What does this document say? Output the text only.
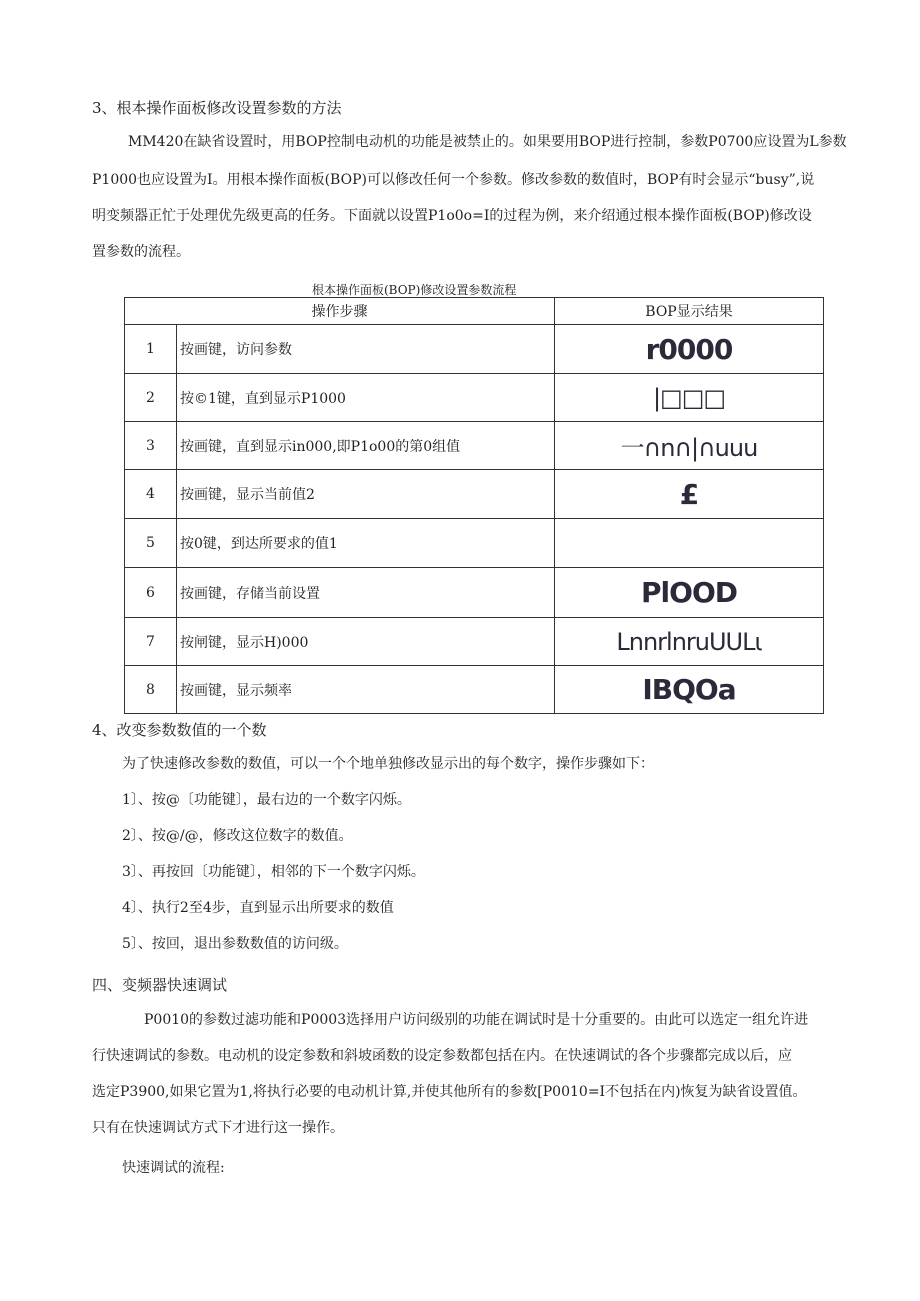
3、根本操作面板修改设置参数的方法

MM420在缺省设置时，用BOP控制电动机的功能是被禁止的。如果要用BOP进行控制，参数P0700应设置为L参数

P1000也应设置为I。用根本操作面板(BOP)可以修改任何一个参数。修改参数的数值时，BOP有时会显示“busy”,说

明变频器正忙于处理优先级更高的任务。下面就以设置P1o0o=I的过程为例，来介绍通过根本操作面板(BOP)修改设

置参数的流程。

根本操作面板(BOP)修改设置参数流程

操作步骤		BOP显示结果
1	按画键，访问参数	r0000
2	按©1键，直到显示P1000	|□□□
3	按画键，直到显示in000,即P1o00的第0组值	一∩n∩|∩uuu
4	按画键，显示当前值2	£
5	按0键，到达所要求的值1	
6	按画键，存储当前设置	PlOOD
7	按闸键，显示H)000	LnnrlnruUULι
8	按画键，显示频率	IBQOa

4、改变参数数值的一个数

为了快速修改参数的数值，可以一个个地单独修改显示出的每个数字，操作步骤如下：

1〕、按@〔功能键〕，最右边的一个数字闪烁。

2〕、按@/@，修改这位数字的数值。

3〕、再按回〔功能键〕，相邻的下一个数字闪烁。

4〕、执行2至4步，直到显示出所要求的数值

5〕、按回，退出参数数值的访问级。

四、变频器快速调试

P0010的参数过滤功能和P0003选择用户访问级别的功能在调试时是十分重要的。由此可以选定一组允许进

行快速调试的参数。电动机的设定参数和斜坡函数的设定参数都包括在内。在快速调试的各个步骤都完成以后，应

选定P3900,如果它置为1,将执行必要的电动机计算,并使其他所有的参数[P0010=I不包括在内)恢复为缺省设置值。

只有在快速调试方式下才进行这一操作。

快速调试的流程:
